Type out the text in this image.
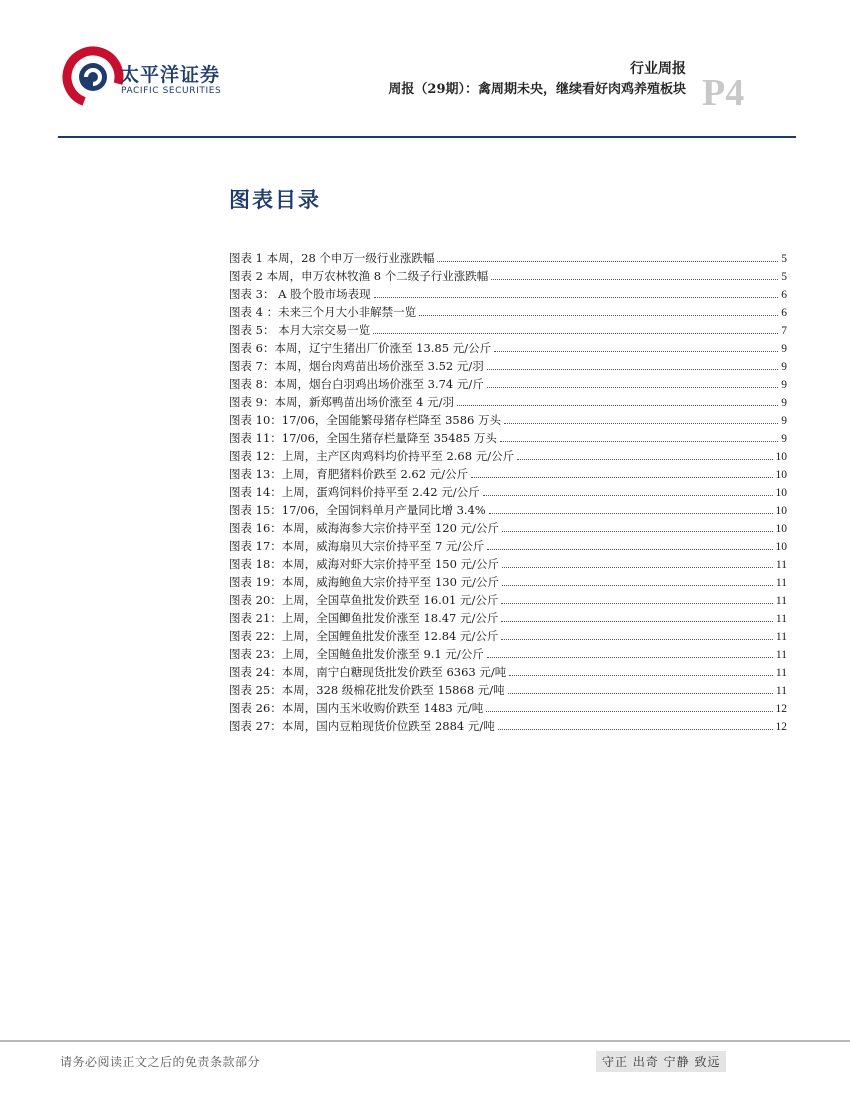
太平洋证券
PACIFIC SECURITIES
行业周报
周报（29期）：禽周期未央，继续看好肉鸡养殖板块 P4
图表目录
图表 1 本周，28 个申万一级行业涨跌幅	5
图表 2 本周，申万农林牧渔 8 个二级子行业涨跌幅	5
图表 3： A 股个股市场表现	6
图表 4 ：未来三个月大小非解禁一览	6
图表 5： 本月大宗交易一览	7
图表 6：本周，辽宁生猪出厂价涨至 13.85 元/公斤	9
图表 7：本周，烟台肉鸡苗出场价涨至 3.52 元/羽	9
图表 8：本周，烟台白羽鸡出场价涨至 3.74 元/斤	9
图表 9：本周，新郑鸭苗出场价涨至 4 元/羽	9
图表 10：17/06，全国能繁母猪存栏降至 3586 万头	9
图表 11：17/06，全国生猪存栏量降至 35485 万头	9
图表 12：上周，主产区肉鸡料均价持平至 2.68 元/公斤	10
图表 13：上周，育肥猪料价跌至 2.62 元/公斤	10
图表 14：上周，蛋鸡饲料价持平至 2.42 元/公斤	10
图表 15：17/06，全国饲料单月产量同比增 3.4%	10
图表 16：本周，威海海参大宗价持平至 120 元/公斤	10
图表 17：本周，威海扇贝大宗价持平至 7 元/公斤	10
图表 18：本周，威海对虾大宗价持平至 150 元/公斤	11
图表 19：本周，威海鲍鱼大宗价持平至 130 元/公斤	11
图表 20：上周，全国草鱼批发价跌至 16.01 元/公斤	11
图表 21：上周，全国鲫鱼批发价涨至 18.47 元/公斤	11
图表 22：上周，全国鲤鱼批发价涨至 12.84 元/公斤	11
图表 23：上周，全国鲢鱼批发价涨至 9.1 元/公斤	11
图表 24：本周，南宁白糖现货批发价跌至 6363 元/吨	11
图表 25：本周，328 级棉花批发价跌至 15868 元/吨	11
图表 26：本周，国内玉米收购价跌至 1483 元/吨	12
图表 27：本周，国内豆粕现货价位跌至 2884 元/吨	12
请务必阅读正文之后的免责条款部分	守正 出奇 宁静 致远
